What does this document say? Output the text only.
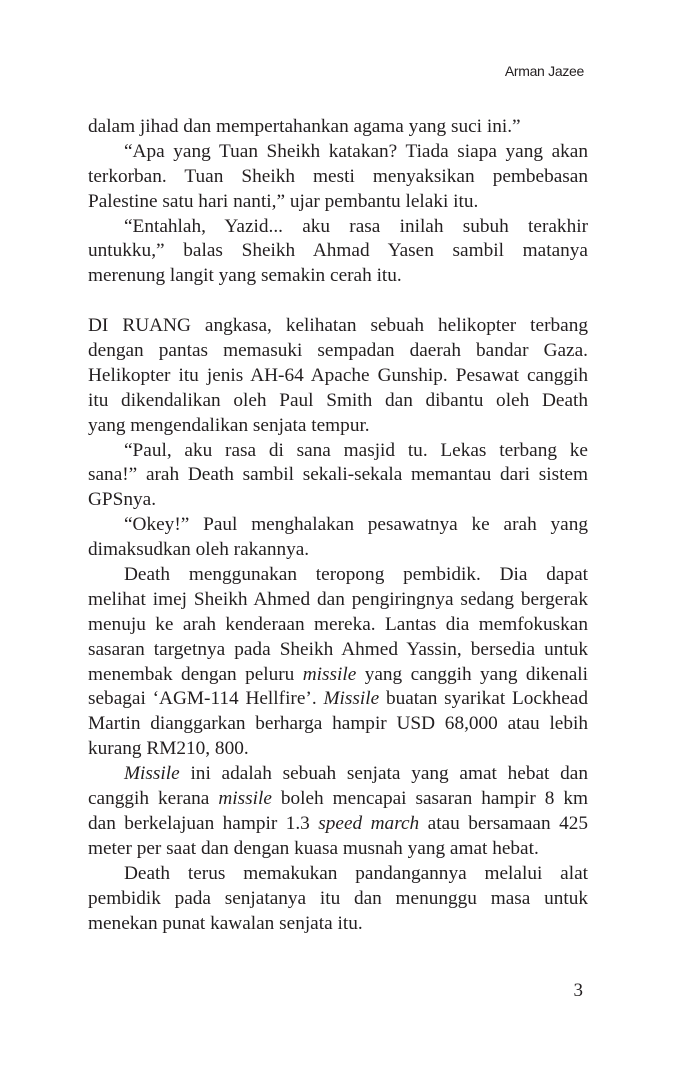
Arman Jazee
dalam jihad dan mempertahankan agama yang suci ini.”
“Apa yang Tuan Sheikh katakan? Tiada siapa yang akan
terkorban. Tuan Sheikh mesti menyaksikan pembebasan
Palestine satu hari nanti,” ujar pembantu lelaki itu.
“Entahlah, Yazid... aku rasa inilah subuh terakhir
untukku,” balas Sheikh Ahmad Yasen sambil matanya
merenung langit yang semakin cerah itu.
DI RUANG angkasa, kelihatan sebuah helikopter terbang
dengan pantas memasuki sempadan daerah bandar Gaza.
Helikopter itu jenis AH-64 Apache Gunship. Pesawat canggih
itu dikendalikan oleh Paul Smith dan dibantu oleh Death
yang mengendalikan senjata tempur.
“Paul, aku rasa di sana masjid tu. Lekas terbang ke
sana!” arah Death sambil sekali-sekala memantau dari sistem
GPSnya.
“Okey!” Paul menghalakan pesawatnya ke arah yang
dimaksudkan oleh rakannya.
Death menggunakan teropong pembidik. Dia dapat
melihat imej Sheikh Ahmed dan pengiringnya sedang bergerak
menuju ke arah kenderaan mereka. Lantas dia memfokuskan
sasaran targetnya pada Sheikh Ahmed Yassin, bersedia untuk
menembak dengan peluru missile yang canggih yang dikenali
sebagai ‘AGM-114 Hellfire’. Missile buatan syarikat Lockhead
Martin dianggarkan berharga hampir USD 68,000 atau lebih
kurang RM210, 800.
Missile ini adalah sebuah senjata yang amat hebat dan
canggih kerana missile boleh mencapai sasaran hampir 8 km
dan berkelajuan hampir 1.3 speed march atau bersamaan 425
meter per saat dan dengan kuasa musnah yang amat hebat.
Death terus memakukan pandangannya melalui alat
pembidik pada senjatanya itu dan menunggu masa untuk
menekan punat kawalan senjata itu.
3
